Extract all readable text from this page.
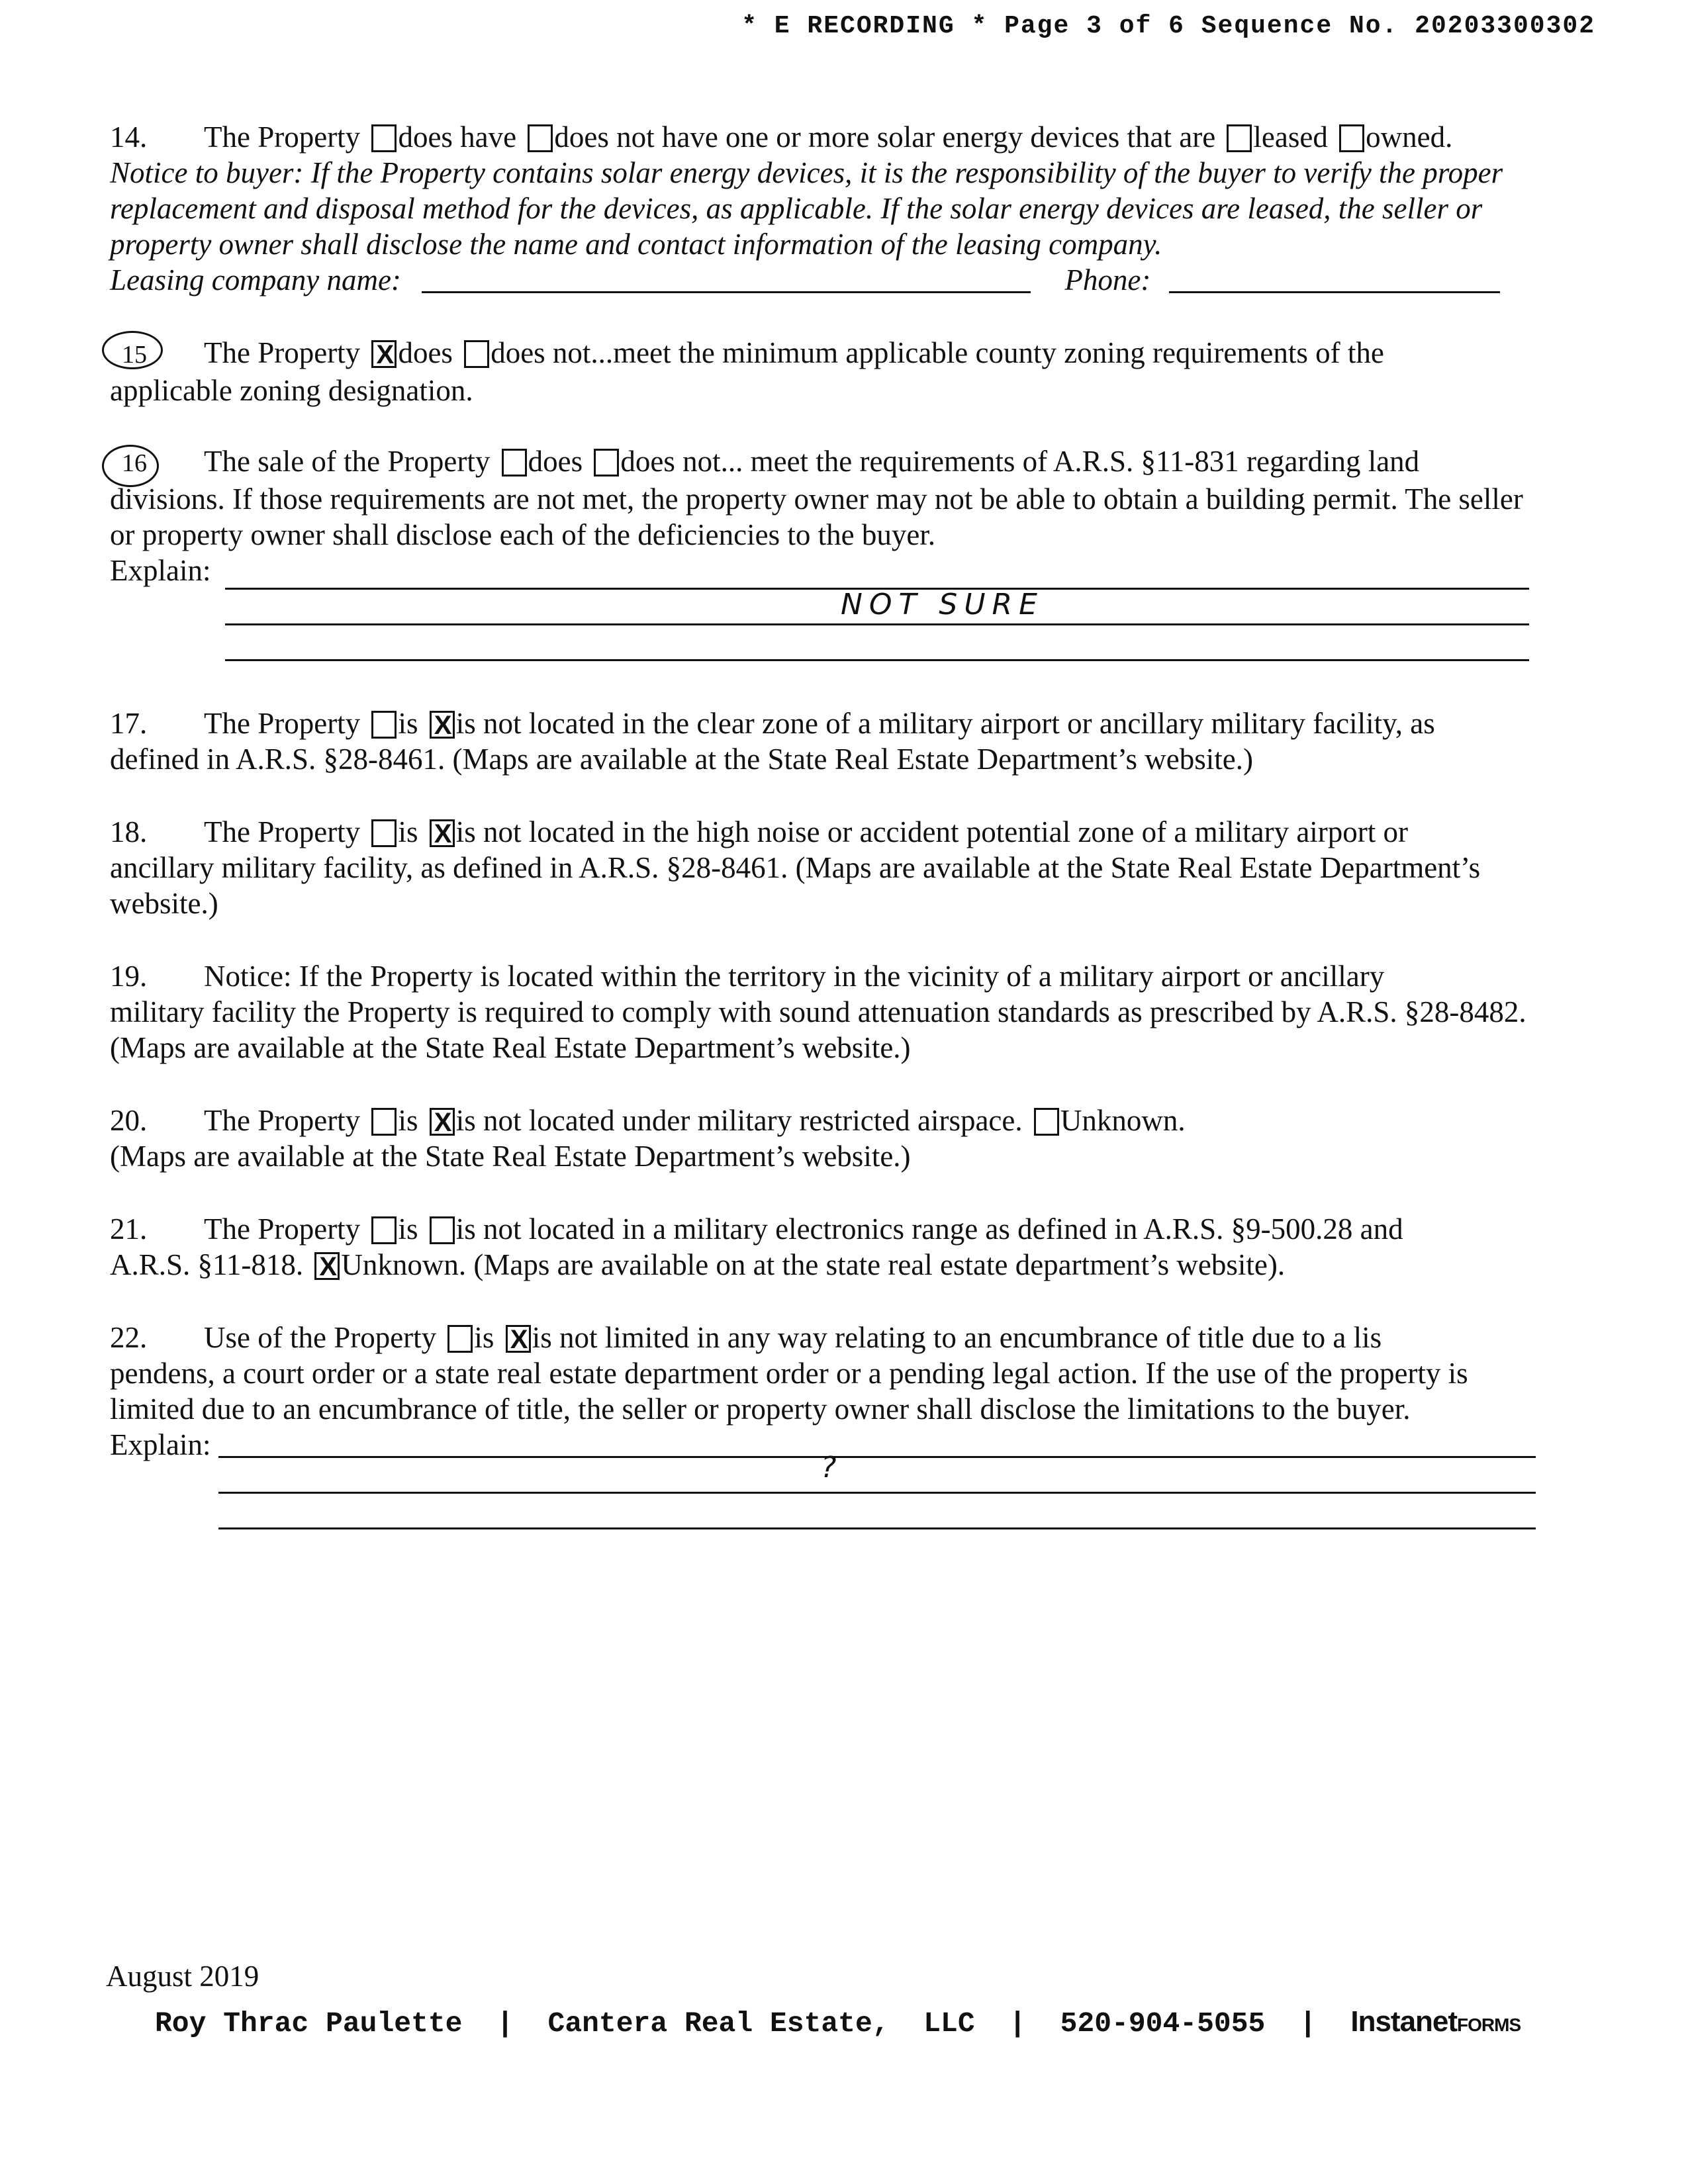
* E RECORDING * Page 3 of 6 Sequence No. 20203300302
14. The Property does have does not have one or more solar energy devices that are leased owned.
Notice to buyer: If the Property contains solar energy devices, it is the responsibility of the buyer to verify the proper replacement and disposal method for the devices, as applicable. If the solar energy devices are leased, the seller or property owner shall disclose the name and contact information of the leasing company.
Leasing company name:	Phone:
15 The Property X does does not...meet the minimum applicable county zoning requirements of the
applicable zoning designation.
16 The sale of the Property does does not... meet the requirements of A.R.S. §11-831 regarding land
divisions. If those requirements are not met, the property owner may not be able to obtain a building permit. The seller or property owner shall disclose each of the deficiencies to the buyer.
Explain:
NOT SURE
17. The Property is X is not located in the clear zone of a military airport or ancillary military facility, as
defined in A.R.S. §28-8461. (Maps are available at the State Real Estate Department’s website.)
18. The Property is X is not located in the high noise or accident potential zone of a military airport or
ancillary military facility, as defined in A.R.S. §28-8461. (Maps are available at the State Real Estate Department’s website.)
19. Notice: If the Property is located within the territory in the vicinity of a military airport or ancillary
military facility the Property is required to comply with sound attenuation standards as prescribed by A.R.S. §28-8482. (Maps are available at the State Real Estate Department’s website.)
20. The Property is X is not located under military restricted airspace. Unknown.
(Maps are available at the State Real Estate Department’s website.)
21. The Property is is not located in a military electronics range as defined in A.R.S. §9-500.28 and
A.R.S. §11-818. X Unknown. (Maps are available on at the state real estate department’s website).
22. Use of the Property is X is not limited in any way relating to an encumbrance of title due to a lis
pendens, a court order or a state real estate department order or a pending legal action. If the use of the property is limited due to an encumbrance of title, the seller or property owner shall disclose the limitations to the buyer.
Explain:
?
August 2019
Roy Thrac Paulette  |  Cantera Real Estate,  LLC  |  520-904-5055  |  InstanetFORMS
